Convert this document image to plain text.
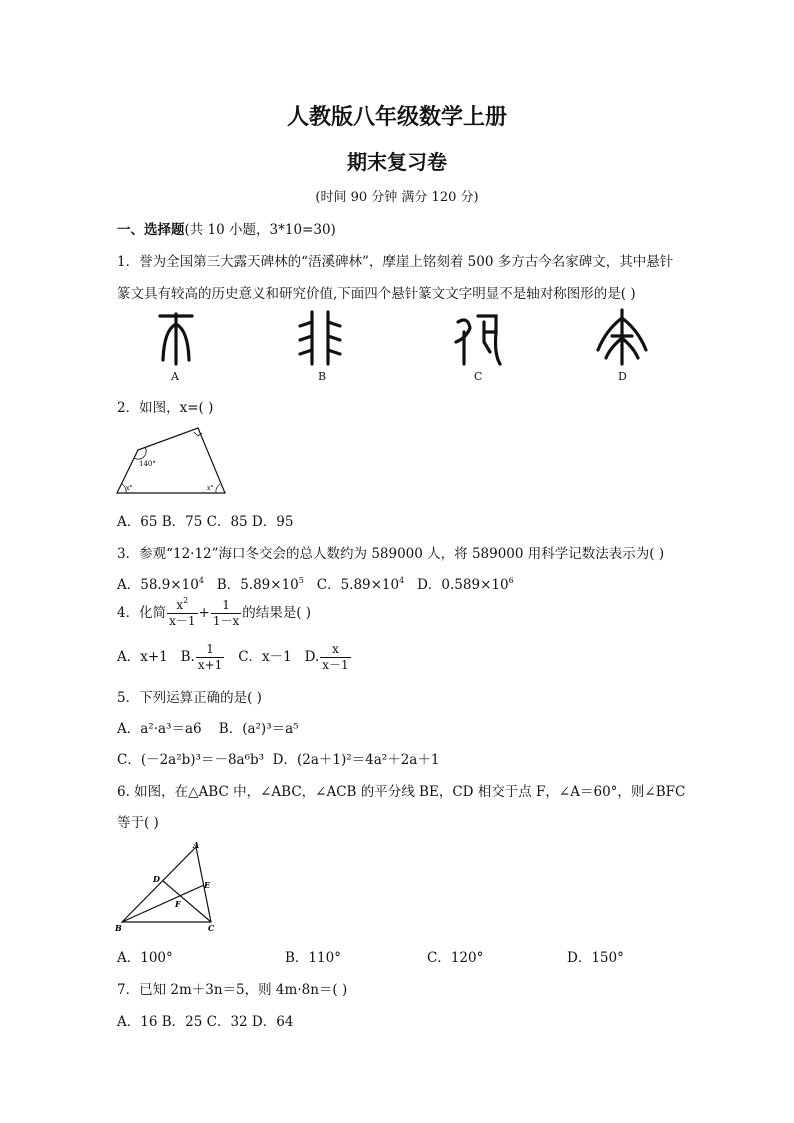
人教版八年级数学上册
期末复习卷
(时间 90 分钟 满分 120 分)
一、选择题(共 10 小题，3*10=30)
1．誉为全国第三大露天碑林的“浯溪碑林”，摩崖上铭刻着 500 多方古今名家碑文，其中悬针
篆文具有较高的历史意义和研究价值,下面四个悬针篆文文字明显不是轴对称图形的是( )
A	B	C	D
2．如图，x=( )
140°
x°	x°
A．65 B．75 C．85 D．95
3．参观“12·12”海口冬交会的总人数约为 589000 人，将 589000 用科学记数法表示为( )
A．$58.9\times 10^4$ B．$5.89\times 10^5$ C．$5.89\times 10^4$ D．$0.589\times 10^6$
4．化简 $\frac{x^2}{x-1} + \frac{1}{1-x}$ 的结果是( )
A．x+1 B. $\frac{1}{x+1}$ C．x－1 D. $\frac{x}{x-1}$
5．下列运算正确的是( )
A．a²·a³＝a6 B．(a²)³＝a⁵
C．(－2a²b)³＝－8a⁶b³ D．(2a＋1)²＝4a²＋2a＋1
6. 如图，在△ABC 中，∠ABC，∠ACB 的平分线 BE，CD 相交于点 F，∠A＝60°，则∠BFC
等于( )
A
B	C
D
E
F
A．100°	B．110°	C．120°	D．150°
7．已知 2m＋3n＝5，则 4m·8n＝( )
A．16 B．25 C．32 D．64
